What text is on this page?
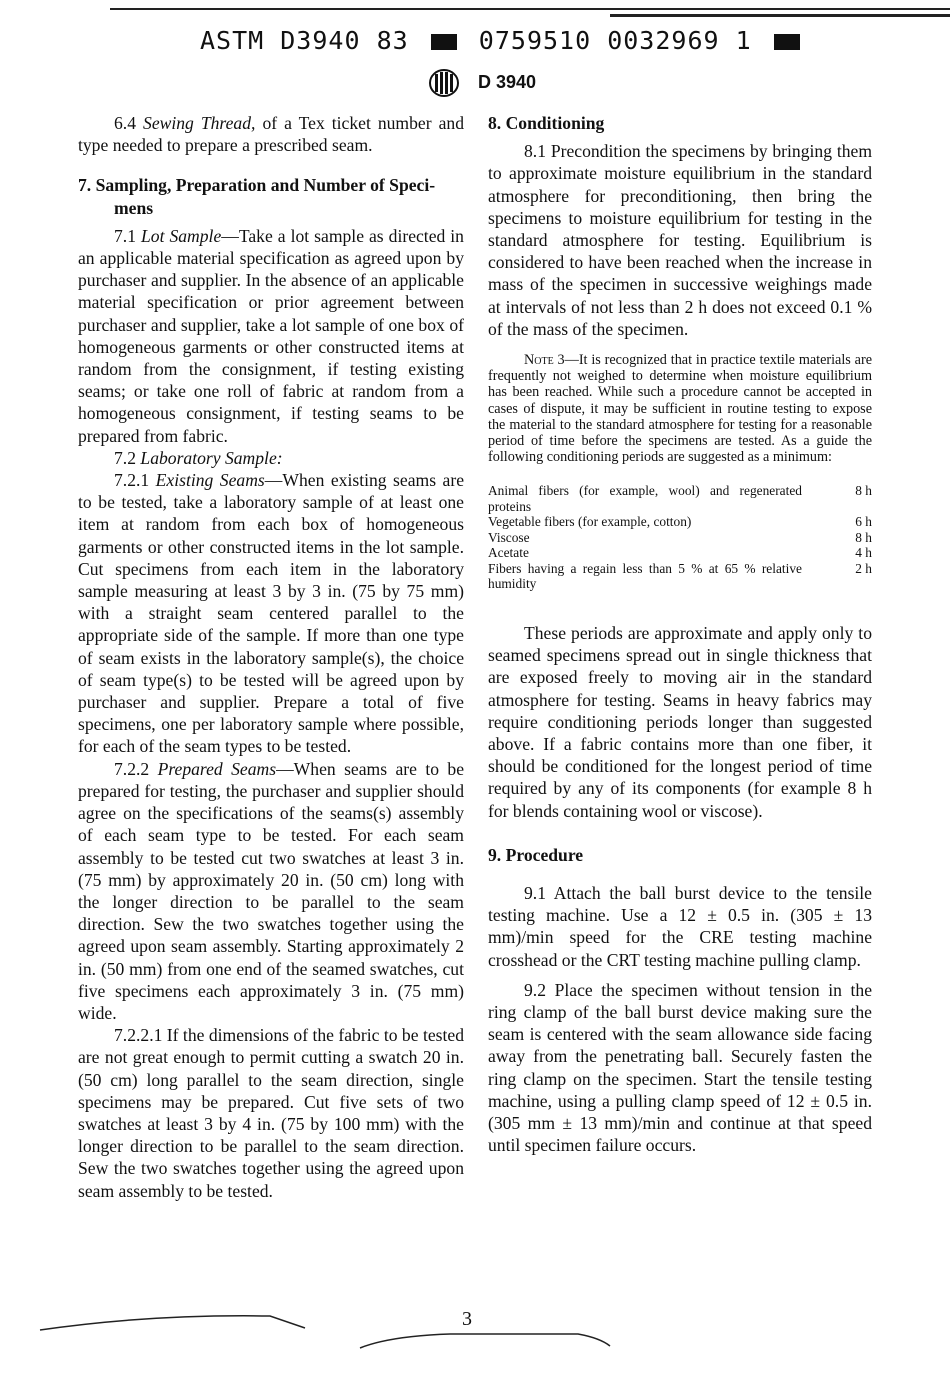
ASTM D3940 83	0759510 0032969 1
D 3940

6.4 Sewing Thread, of a Tex ticket number and type needed to prepare a prescribed seam.

7. Sampling, Preparation and Number of Speci-
mens

7.1 Lot Sample—Take a lot sample as directed in an applicable material specification as agreed upon by purchaser and supplier. In the absence of an applicable material specification or prior agreement between purchaser and supplier, take a lot sample of one box of homogeneous garments or other constructed items at random from the consignment, if testing existing seams; or take one roll of fabric at random from a homogeneous consignment, if testing seams to be prepared from fabric.

7.2 Laboratory Sample:

7.2.1 Existing Seams—When existing seams are to be tested, take a laboratory sample of at least one item at random from each box of homogeneous garments or other constructed items in the lot sample. Cut specimens from each item in the laboratory sample measuring at least 3 by 3 in. (75 by 75 mm) with a straight seam centered parallel to the appropriate side of the sample. If more than one type of seam exists in the laboratory sample(s), the choice of seam type(s) to be tested will be agreed upon by purchaser and supplier. Prepare a total of five specimens, one per laboratory sample where possible, for each of the seam types to be tested.

7.2.2 Prepared Seams—When seams are to be prepared for testing, the purchaser and supplier should agree on the specifications of the seams(s) assembly of each seam type to be tested. For each seam assembly to be tested cut two swatches at least 3 in. (75 mm) by approximately 20 in. (50 cm) long with the longer direction to be parallel to the seam direction. Sew the two swatches together using the agreed upon seam assembly. Starting approximately 2 in. (50 mm) from one end of the seamed swatches, cut five specimens each approximately 3 in. (75 mm) wide.

7.2.2.1 If the dimensions of the fabric to be tested are not great enough to permit cutting a swatch 20 in. (50 cm) long parallel to the seam direction, single specimens may be prepared. Cut five sets of two swatches at least 3 by 4 in. (75 by 100 mm) with the longer direction to be parallel to the seam direction. Sew the two swatches together using the agreed upon seam assembly to be tested.

8. Conditioning

8.1 Precondition the specimens by bringing them to approximate moisture equilibrium in the standard atmosphere for preconditioning, then bring the specimens to moisture equilibrium for testing in the standard atmosphere for testing. Equilibrium is considered to have been reached when the increase in mass of the specimen in successive weighings made at intervals of not less than 2 h does not exceed 0.1 % of the mass of the specimen.

Note 3—It is recognized that in practice textile materials are frequently not weighed to determine when moisture equilibrium has been reached. While such a procedure cannot be accepted in cases of dispute, it may be sufficient in routine testing to expose the material to the standard atmosphere for testing for a reasonable period of time before the specimens are tested. As a guide the following conditioning periods are suggested as a minimum:

Animal fibers (for example, wool) and regenerated proteins	8 h
Vegetable fibers (for example, cotton)	6 h
Viscose	8 h
Acetate	4 h
Fibers having a regain less than 5 % at 65 % relative humidity	2 h

These periods are approximate and apply only to seamed specimens spread out in single thickness that are exposed freely to moving air in the standard atmosphere for testing. Seams in heavy fabrics may require conditioning periods longer than suggested above. If a fabric contains more than one fiber, it should be conditioned for the longest period of time required by any of its components (for example 8 h for blends containing wool or viscose).

9. Procedure

9.1 Attach the ball burst device to the tensile testing machine. Use a 12 ± 0.5 in. (305 ± 13 mm)/min speed for the CRE testing machine crosshead or the CRT testing machine pulling clamp.

9.2 Place the specimen without tension in the ring clamp of the ball burst device making sure the seam is centered with the seam allowance side facing away from the penetrating ball. Securely fasten the ring clamp on the specimen. Start the tensile testing machine, using a pulling clamp speed of 12 ± 0.5 in. (305 mm ± 13 mm)/min and continue at that speed until specimen failure occurs.

3
